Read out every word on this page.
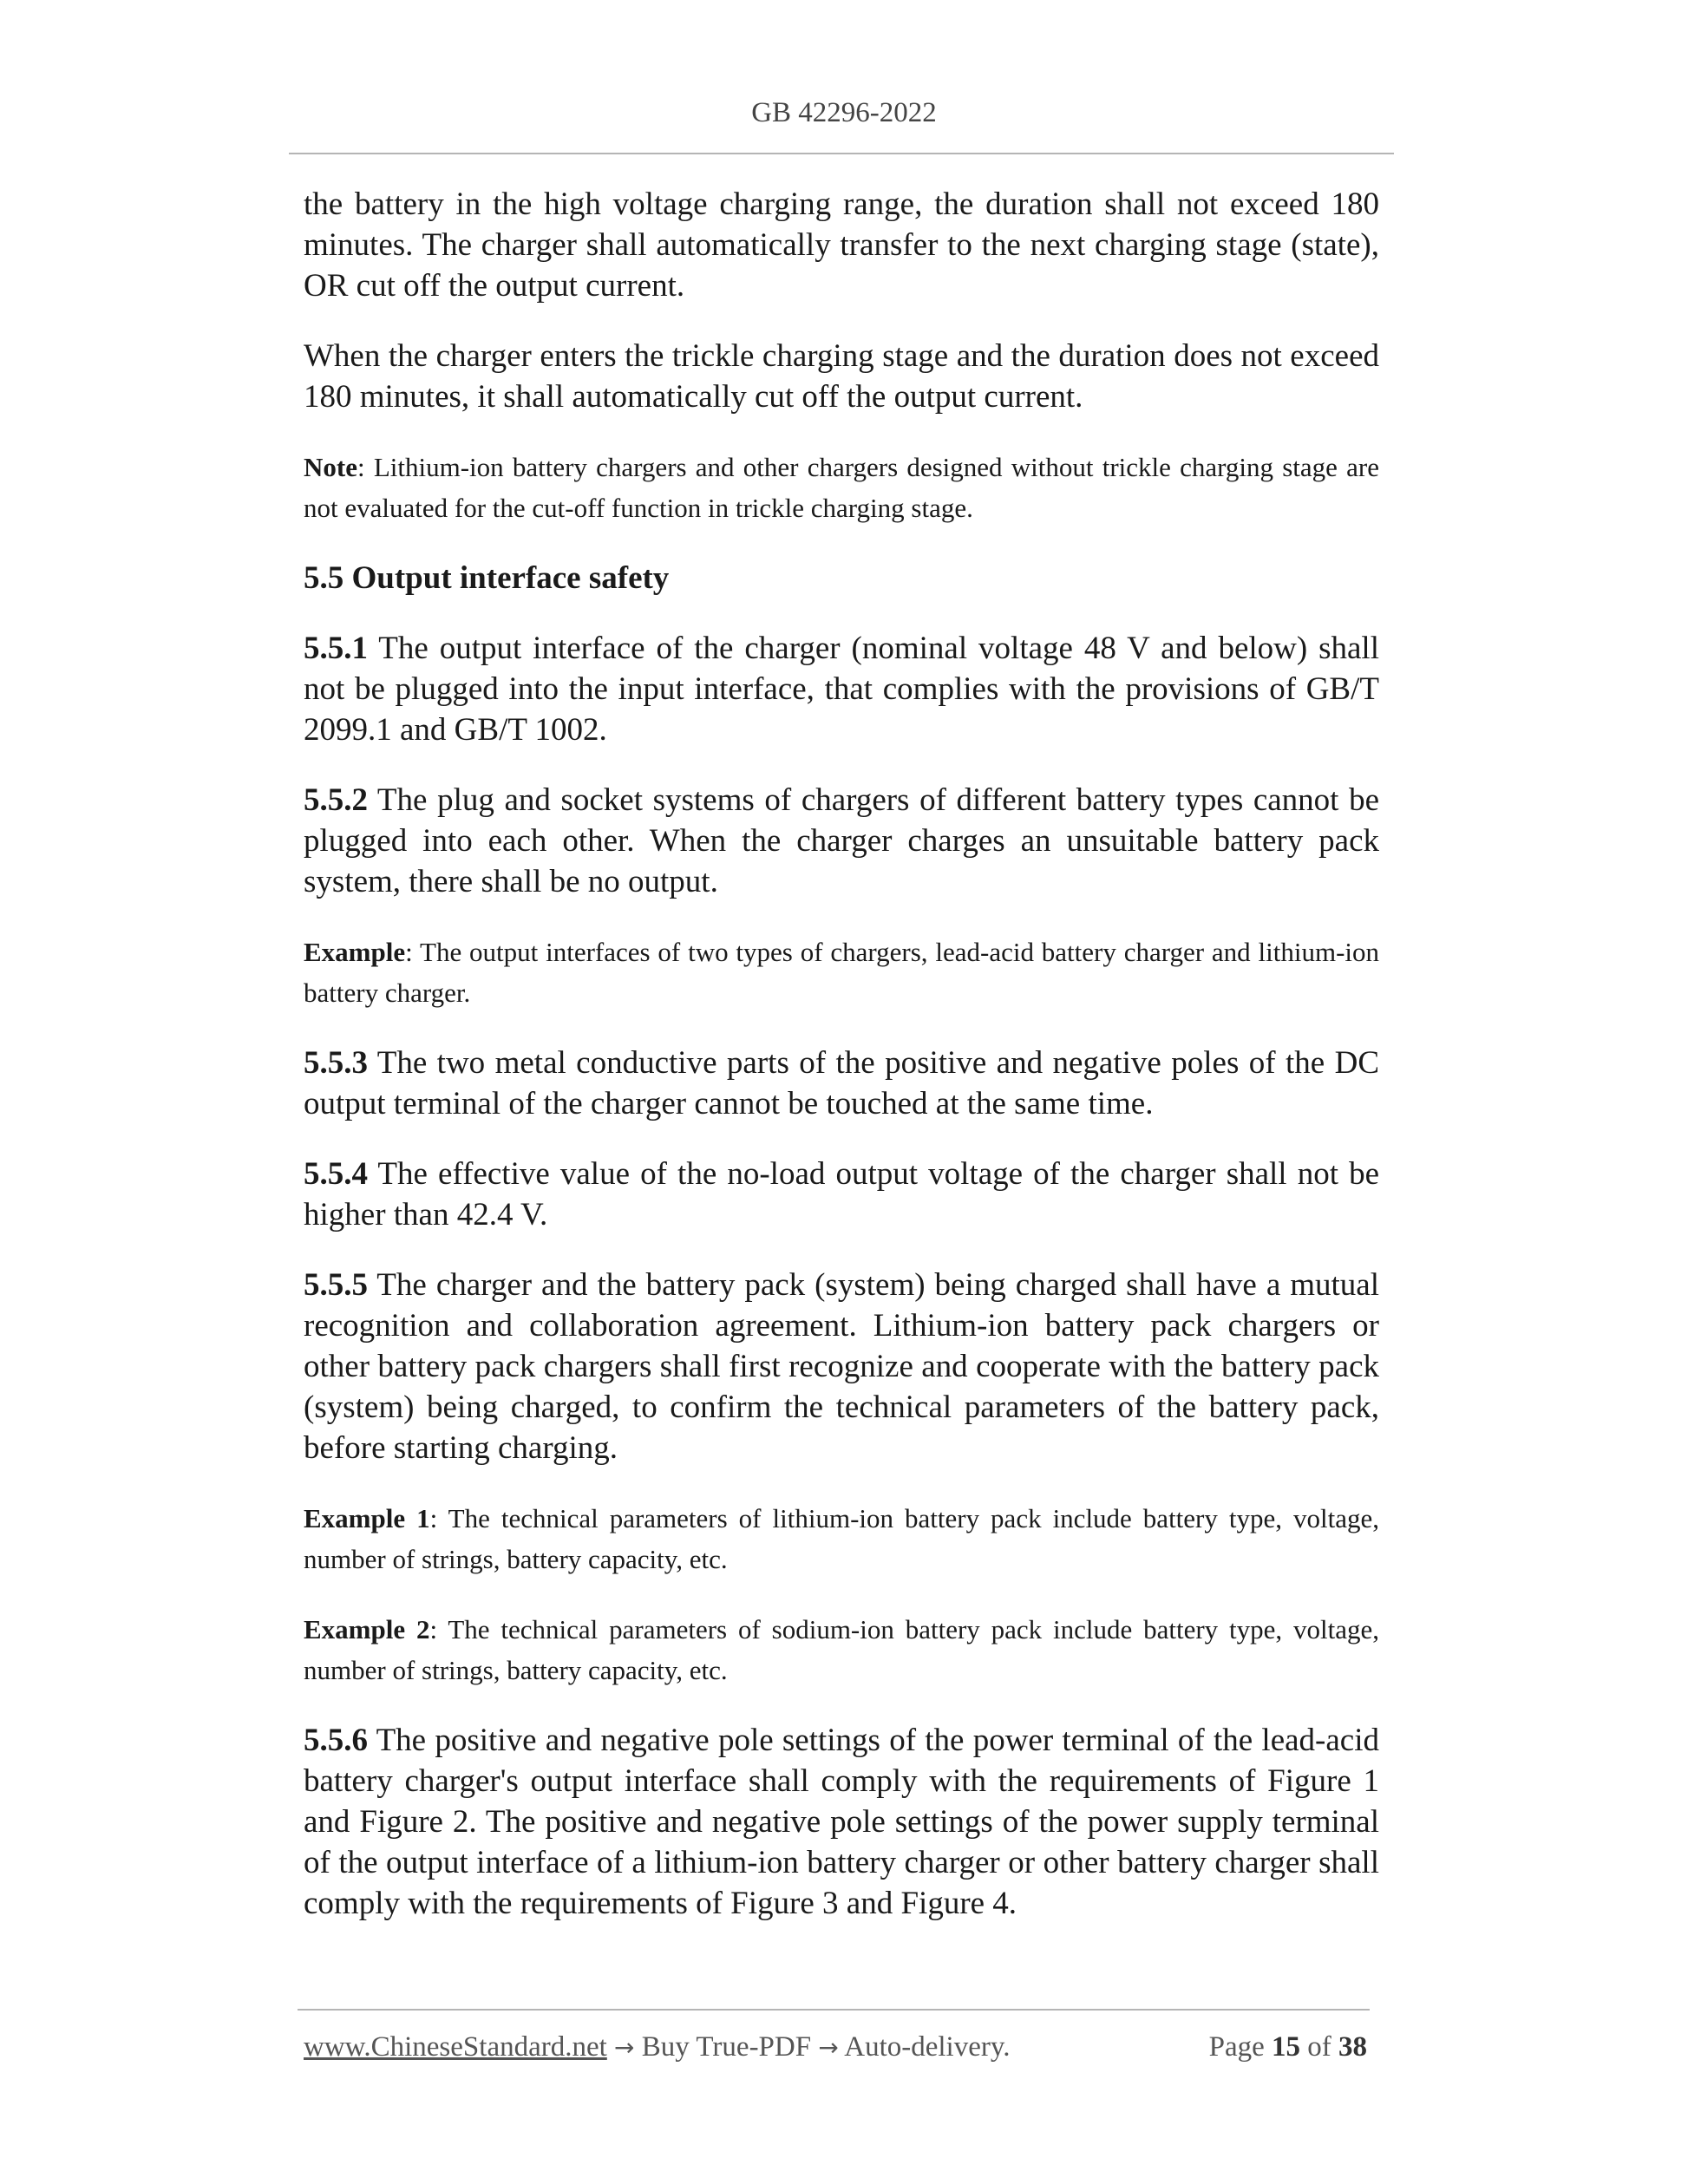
GB 42296-2022

the battery in the high voltage charging range, the duration shall not exceed 180 minutes. The charger shall automatically transfer to the next charging stage (state), OR cut off the output current.

When the charger enters the trickle charging stage and the duration does not exceed 180 minutes, it shall automatically cut off the output current.

Note: Lithium-ion battery chargers and other chargers designed without trickle charging stage are not evaluated for the cut-off function in trickle charging stage.

5.5 Output interface safety

5.5.1 The output interface of the charger (nominal voltage 48 V and below) shall not be plugged into the input interface, that complies with the provisions of GB/T 2099.1 and GB/T 1002.

5.5.2 The plug and socket systems of chargers of different battery types cannot be plugged into each other. When the charger charges an unsuitable battery pack system, there shall be no output.

Example: The output interfaces of two types of chargers, lead-acid battery charger and lithium-ion battery charger.

5.5.3 The two metal conductive parts of the positive and negative poles of the DC output terminal of the charger cannot be touched at the same time.

5.5.4 The effective value of the no-load output voltage of the charger shall not be higher than 42.4 V.

5.5.5 The charger and the battery pack (system) being charged shall have a mutual recognition and collaboration agreement. Lithium-ion battery pack chargers or other battery pack chargers shall first recognize and cooperate with the battery pack (system) being charged, to confirm the technical parameters of the battery pack, before starting charging.

Example 1: The technical parameters of lithium-ion battery pack include battery type, voltage, number of strings, battery capacity, etc.

Example 2: The technical parameters of sodium-ion battery pack include battery type, voltage, number of strings, battery capacity, etc.

5.5.6 The positive and negative pole settings of the power terminal of the lead-acid battery charger's output interface shall comply with the requirements of Figure 1 and Figure 2. The positive and negative pole settings of the power supply terminal of the output interface of a lithium-ion battery charger or other battery charger shall comply with the requirements of Figure 3 and Figure 4.

www.ChineseStandard.net → Buy True-PDF → Auto-delivery.	Page 15 of 38
